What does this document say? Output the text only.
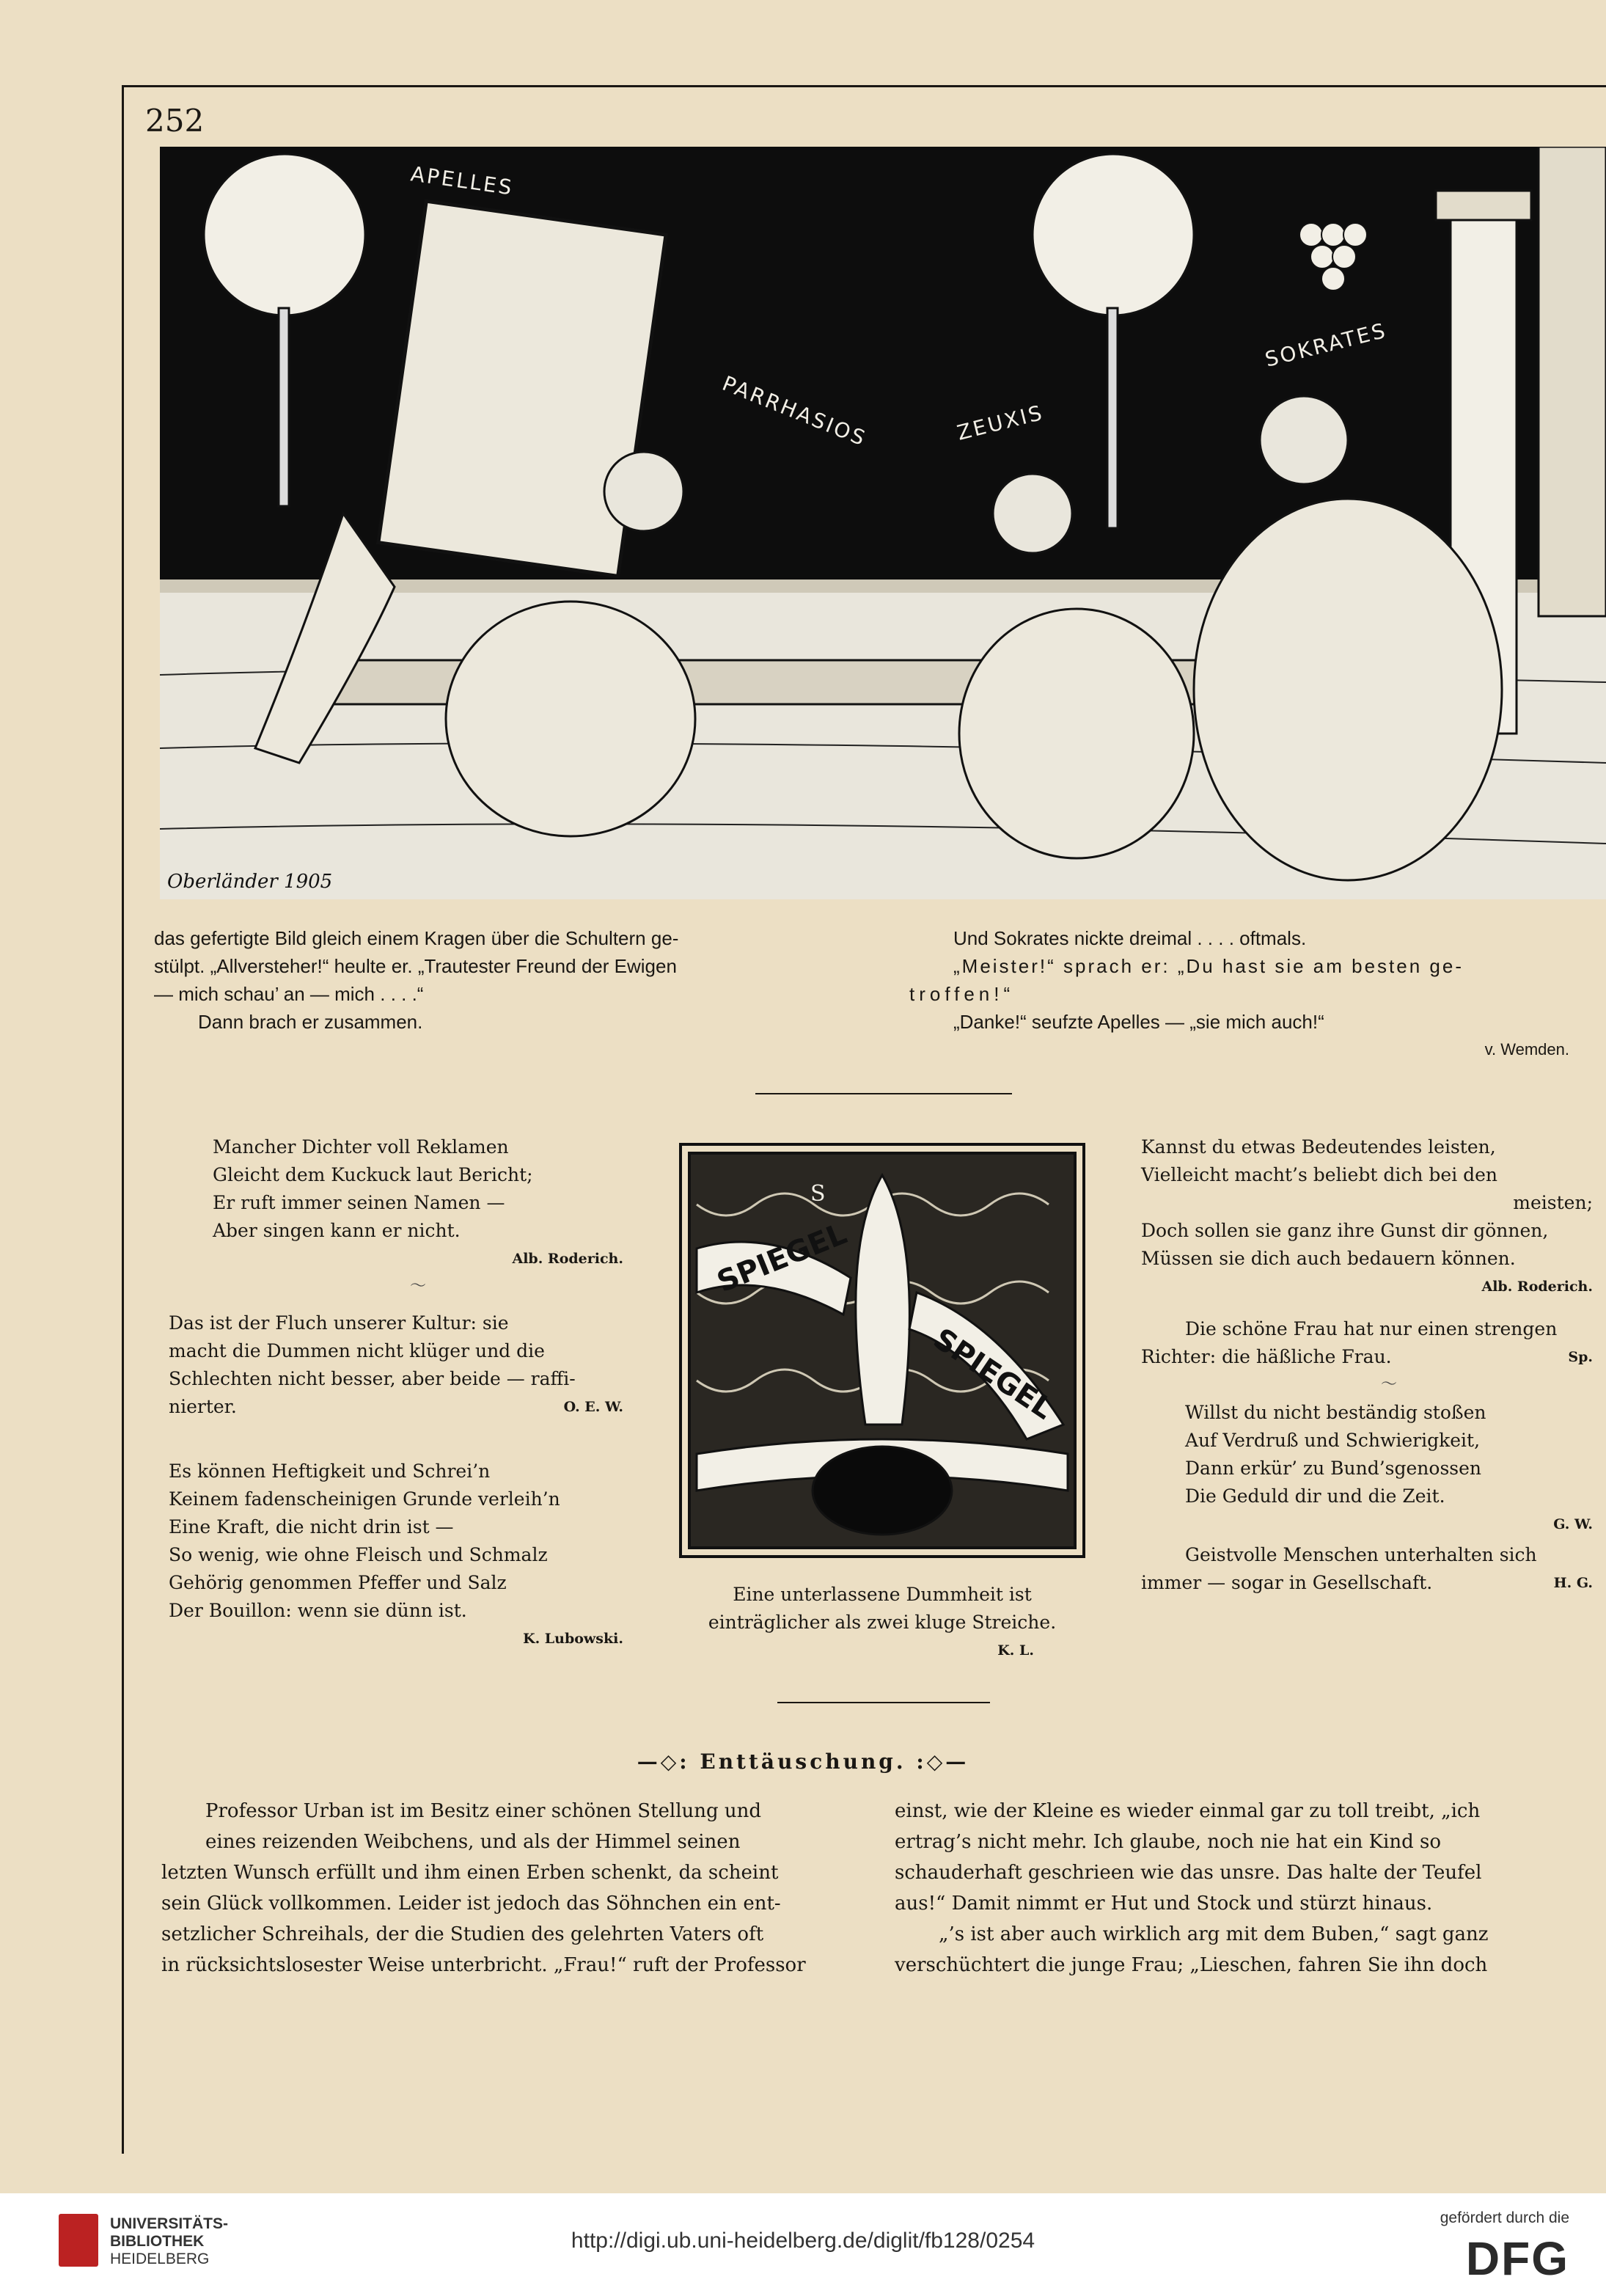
252
APELLES
PARRHASIOS	ZEUXIS
SOKRATES
Oberländer 1905

das gefertigte Bild gleich einem Kragen über die Schultern ge-

stülpt. „Allversteher!“ heulte er. „Trautester Freund der Ewigen

— mich schau’ an — mich . . . .“

Dann brach er zusammen.

Und Sokrates nickte dreimal . . . . oftmals.

„Meister!“ sprach er: „Du hast sie am besten ge-

troffen!“

„Danke!“ seufzte Apelles — „sie mich auch!“

v. Wemden.

Mancher Dichter voll Reklamen

Gleicht dem Kuckuck laut Bericht;

Er ruft immer seinen Namen —

Aber singen kann er nicht.

Alb. Roderich.

〜

Das ist der Fluch unserer Kultur: sie

macht die Dummen nicht klüger und die

Schlechten nicht besser, aber beide — raffi-

nierter.	O. E. W.

Es können Heftigkeit und Schrei’n

Keinem fadenscheinigen Grunde verleih’n

Eine Kraft, die nicht drin ist —

So wenig, wie ohne Fleisch und Schmalz

Gehörig genommen Pfeffer und Salz

Der Bouillon: wenn sie dünn ist.

K. Lubowski.

SPIEGEL
SPIEGEL
S

Eine unterlassene Dummheit ist

einträglicher als zwei kluge Streiche.

K. L.

Kannst du etwas Bedeutendes leisten,

Vielleicht macht’s beliebt dich bei den

meisten;

Doch sollen sie ganz ihre Gunst dir gönnen,

Müssen sie dich auch bedauern können.

Alb. Roderich.

Die schöne Frau hat nur einen strengen

Richter: die häßliche Frau.	Sp.

〜

Willst du nicht beständig stoßen

Auf Verdruß und Schwierigkeit,

Dann erkür’ zu Bund’sgenossen

Die Geduld dir und die Zeit.

G. W.

Geistvolle Menschen unterhalten sich

immer — sogar in Gesellschaft.	H. G.

—◇: Enttäuschung. :◇—

Professor Urban ist im Besitz einer schönen Stellung und

eines reizenden Weibchens, und als der Himmel seinen

letzten Wunsch erfüllt und ihm einen Erben schenkt, da scheint

sein Glück vollkommen. Leider ist jedoch das Söhnchen ein ent-

setzlicher Schreihals, der die Studien des gelehrten Vaters oft

in rücksichtslosester Weise unterbricht. „Frau!“ ruft der Professor

einst, wie der Kleine es wieder einmal gar zu toll treibt, „ich

ertrag’s nicht mehr. Ich glaube, noch nie hat ein Kind so

schauderhaft geschrieen wie das unsre. Das halte der Teufel

aus!“ Damit nimmt er Hut und Stock und stürzt hinaus.

„’s ist aber auch wirklich arg mit dem Buben,“ sagt ganz

verschüchtert die junge Frau; „Lieschen, fahren Sie ihn doch

UNIVERSITÄTS-
BIBLIOTHEK
HEIDELBERG
http://digi.ub.uni-heidelberg.de/diglit/fb128/0254
gefördert durch die
DFG
